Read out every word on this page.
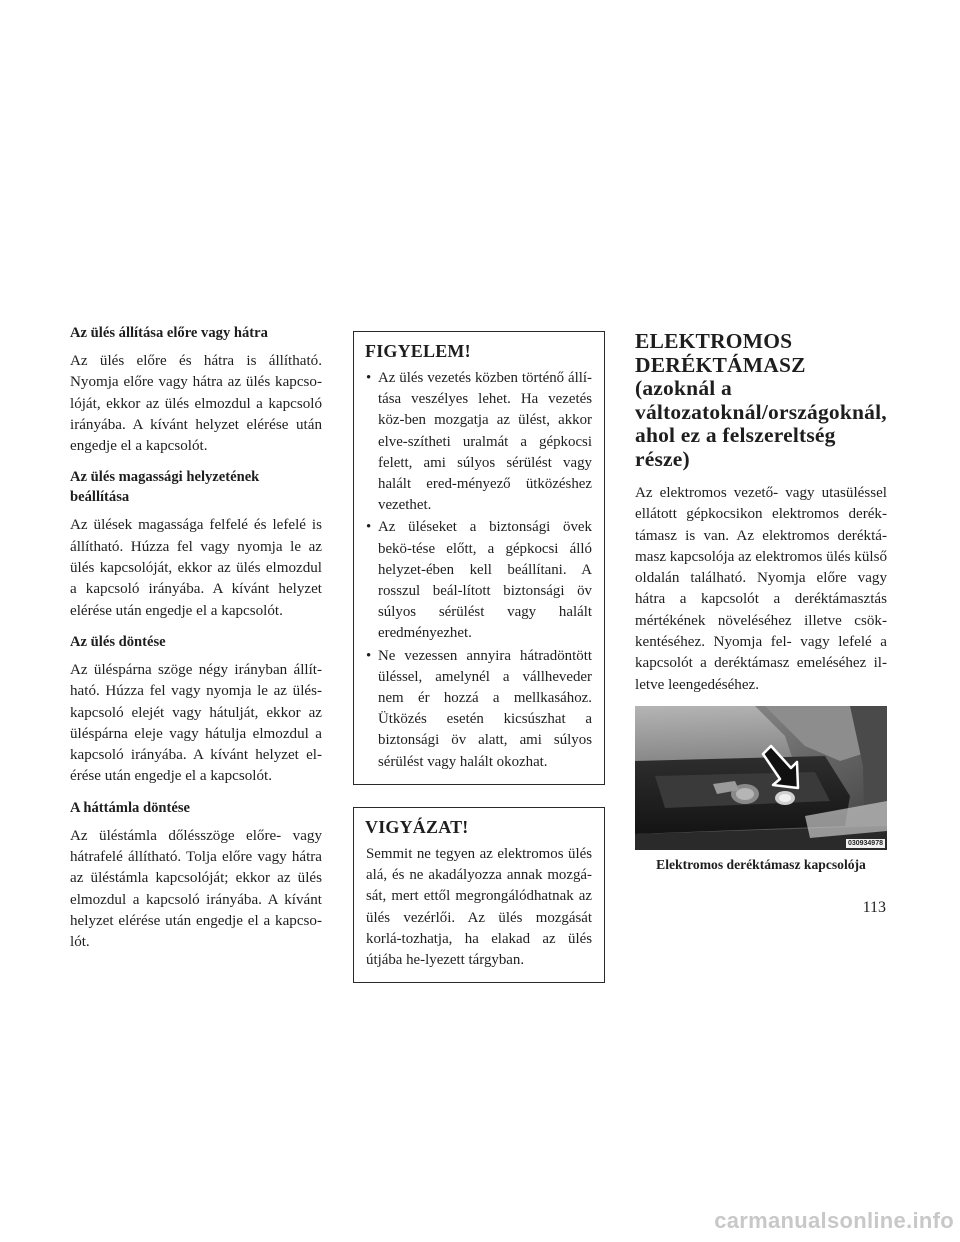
Az ülés állítása előre vagy hátra

Az ülés előre és hátra is állítható. Nyomja előre vagy hátra az ülés kapcso-lóját, ekkor az ülés elmozdul a kapcsoló irányába. A kívánt helyzet elérése után engedje el a kapcsolót.

Az ülés magassági helyzetének beállítása

Az ülések magassága felfelé és lefelé is állítható. Húzza fel vagy nyomja le az ülés kapcsolóját, ekkor az ülés elmozdul a kapcsoló irányába. A kívánt helyzet elérése után engedje el a kapcsolót.

Az ülés döntése

Az üléspárna szöge négy irányban állít-ható. Húzza fel vagy nyomja le az ülés-kapcsoló elejét vagy hátulját, ekkor az üléspárna eleje vagy hátulja elmozdul a kapcsoló irányába. A kívánt helyzet el-érése után engedje el a kapcsolót.

A háttámla döntése

Az üléstámla dőlésszöge előre- vagy hátrafelé állítható. Tolja előre vagy hátra az üléstámla kapcsolóját; ekkor az ülés elmozdul a kapcsoló irányába. A kívánt helyzet elérése után engedje el a kapcso-lót.

FIGYELEM!
• Az ülés vezetés közben történő állí-tása veszélyes lehet. Ha vezetés köz-ben mozgatja az ülést, akkor elve-szítheti uralmát a gépkocsi felett, ami súlyos sérülést vagy halált ered-ményező ütközéshez vezethet.
• Az üléseket a biztonsági övek bekö-tése előtt, a gépkocsi álló helyzet-ében kell beállítani. A rosszul beál-lított biztonsági öv súlyos sérülést vagy halált eredményezhet.
• Ne vezessen annyira hátradöntött üléssel, amelynél a vállheveder nem ér hozzá a mellkasához. Ütközés esetén kicsúszhat a biztonsági öv alatt, ami súlyos sérülést vagy halált okozhat.
VIGYÁZAT!

Semmit ne tegyen az elektromos ülés alá, és ne akadályozza annak mozgá-sát, mert ettől megrongálódhatnak az ülés vezérlői. Az ülés mozgását korlá-tozhatja, ha elakad az ülés útjába he-lyezett tárgyban.

ELEKTROMOS DERÉKTÁMASZ (azoknál a változatoknál/országoknál, ahol ez a felszereltség része)

Az elektromos vezető- vagy utasüléssel ellátott gépkocsikon elektromos derék-támasz is van. Az elektromos deréktá-masz kapcsolója az elektromos ülés külső oldalán található. Nyomja előre vagy hátra a kapcsolót a deréktámasztás mértékének növeléséhez illetve csök-kentéséhez. Nyomja fel- vagy lefelé a kapcsolót a deréktámasz emeléséhez il-letve leengedéséhez.

030934978
Elektromos deréktámasz kapcsolója
113
carmanualsonline.info
